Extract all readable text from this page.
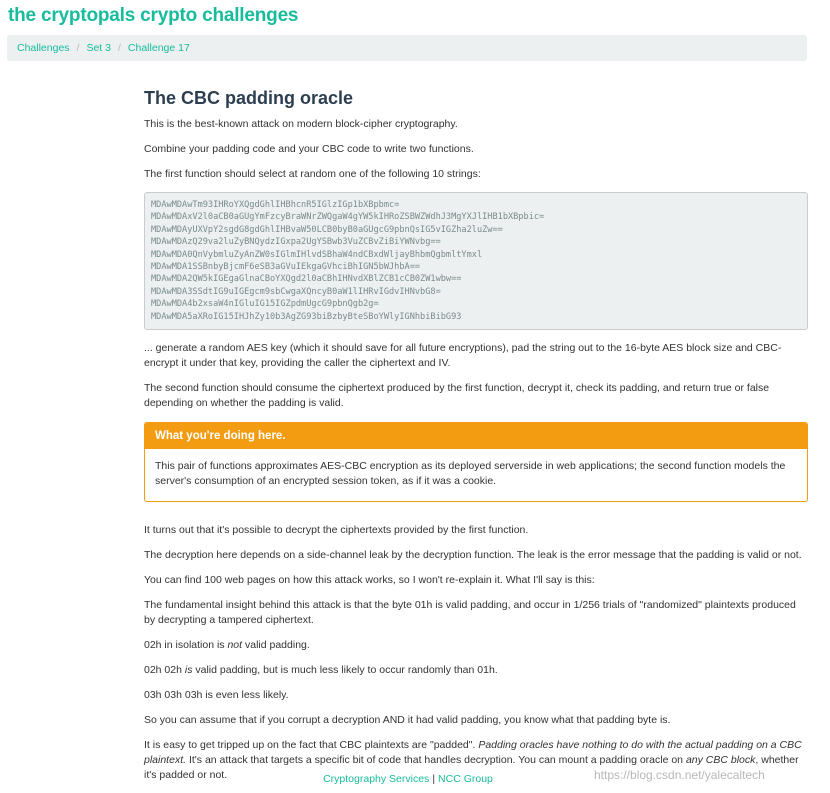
the cryptopals crypto challenges
Challenges / Set 3 / Challenge 17
The CBC padding oracle

This is the best-known attack on modern block-cipher cryptography.

Combine your padding code and your CBC code to write two functions.

The first function should select at random one of the following 10 strings:

MDAwMDAwTm93IHRoYXQgdGhlIHBhcnR5IGlzIGp1bXBpbmc=
MDAwMDAxV2l0aCB0aGUgYmFzcyBraWNrZWQgaW4gYW5kIHRoZSBWZWdhJ3MgYXJlIHB1bXBpbic=
MDAwMDAyUXVpY2sgdG8gdGhlIHBvaW50LCB0byB0aGUgcG9pbnQsIG5vIGZha2luZw==
MDAwMDAzQ29va2luZyBNQydzIGxpa2UgYSBwb3VuZCBvZiBiYWNvbg==
MDAwMDA0QnVybmluZyAnZW0sIGlmIHlvdSBhaW4ndCBxdWljayBhbmQgbmltYmxl
MDAwMDA1SSBnbyBjcmF6eSB3aGVuIEkgaGVhciBhIGN5bWJhbA==
MDAwMDA2QW5kIGEgaGlnaCBoYXQgd2l0aCBhIHNvdXBlZCB1cCB0ZW1wbw==
MDAwMDA3SSdtIG9uIGEgcm9sbCwgaXQncyB0aW1lIHRvIGdvIHNvbG8=
MDAwMDA4b2xsaW4nIGluIG15IGZpdmUgcG9pbnQgb2g=
MDAwMDA5aXRoIG15IHJhZy10b3AgZG93biBzbyBteSBoYWlyIGNhbiBibG93

... generate a random AES key (which it should save for all future encryptions), pad the string out to the 16-byte AES block size and CBC-encrypt it under that key, providing the caller the ciphertext and IV.

The second function should consume the ciphertext produced by the first function, decrypt it, check its padding, and return true or false depending on whether the padding is valid.

What you're doing here.

This pair of functions approximates AES-CBC encryption as its deployed serverside in web applications; the second function models the server's consumption of an encrypted session token, as if it was a cookie.

It turns out that it's possible to decrypt the ciphertexts provided by the first function.

The decryption here depends on a side-channel leak by the decryption function. The leak is the error message that the padding is valid or not.

You can find 100 web pages on how this attack works, so I won't re-explain it. What I'll say is this:

The fundamental insight behind this attack is that the byte 01h is valid padding, and occur in 1/256 trials of "randomized" plaintexts produced by decrypting a tampered ciphertext.

02h in isolation is not valid padding.

02h 02h is valid padding, but is much less likely to occur randomly than 01h.

03h 03h 03h is even less likely.

So you can assume that if you corrupt a decryption AND it had valid padding, you know what that padding byte is.

It is easy to get tripped up on the fact that CBC plaintexts are "padded". Padding oracles have nothing to do with the actual padding on a CBC plaintext. It's an attack that targets a specific bit of code that handles decryption. You can mount a padding oracle on any CBC block, whether it's padded or not.	Cryptography Services | NCC Group	https://blog.csdn.net/yalecaltech
